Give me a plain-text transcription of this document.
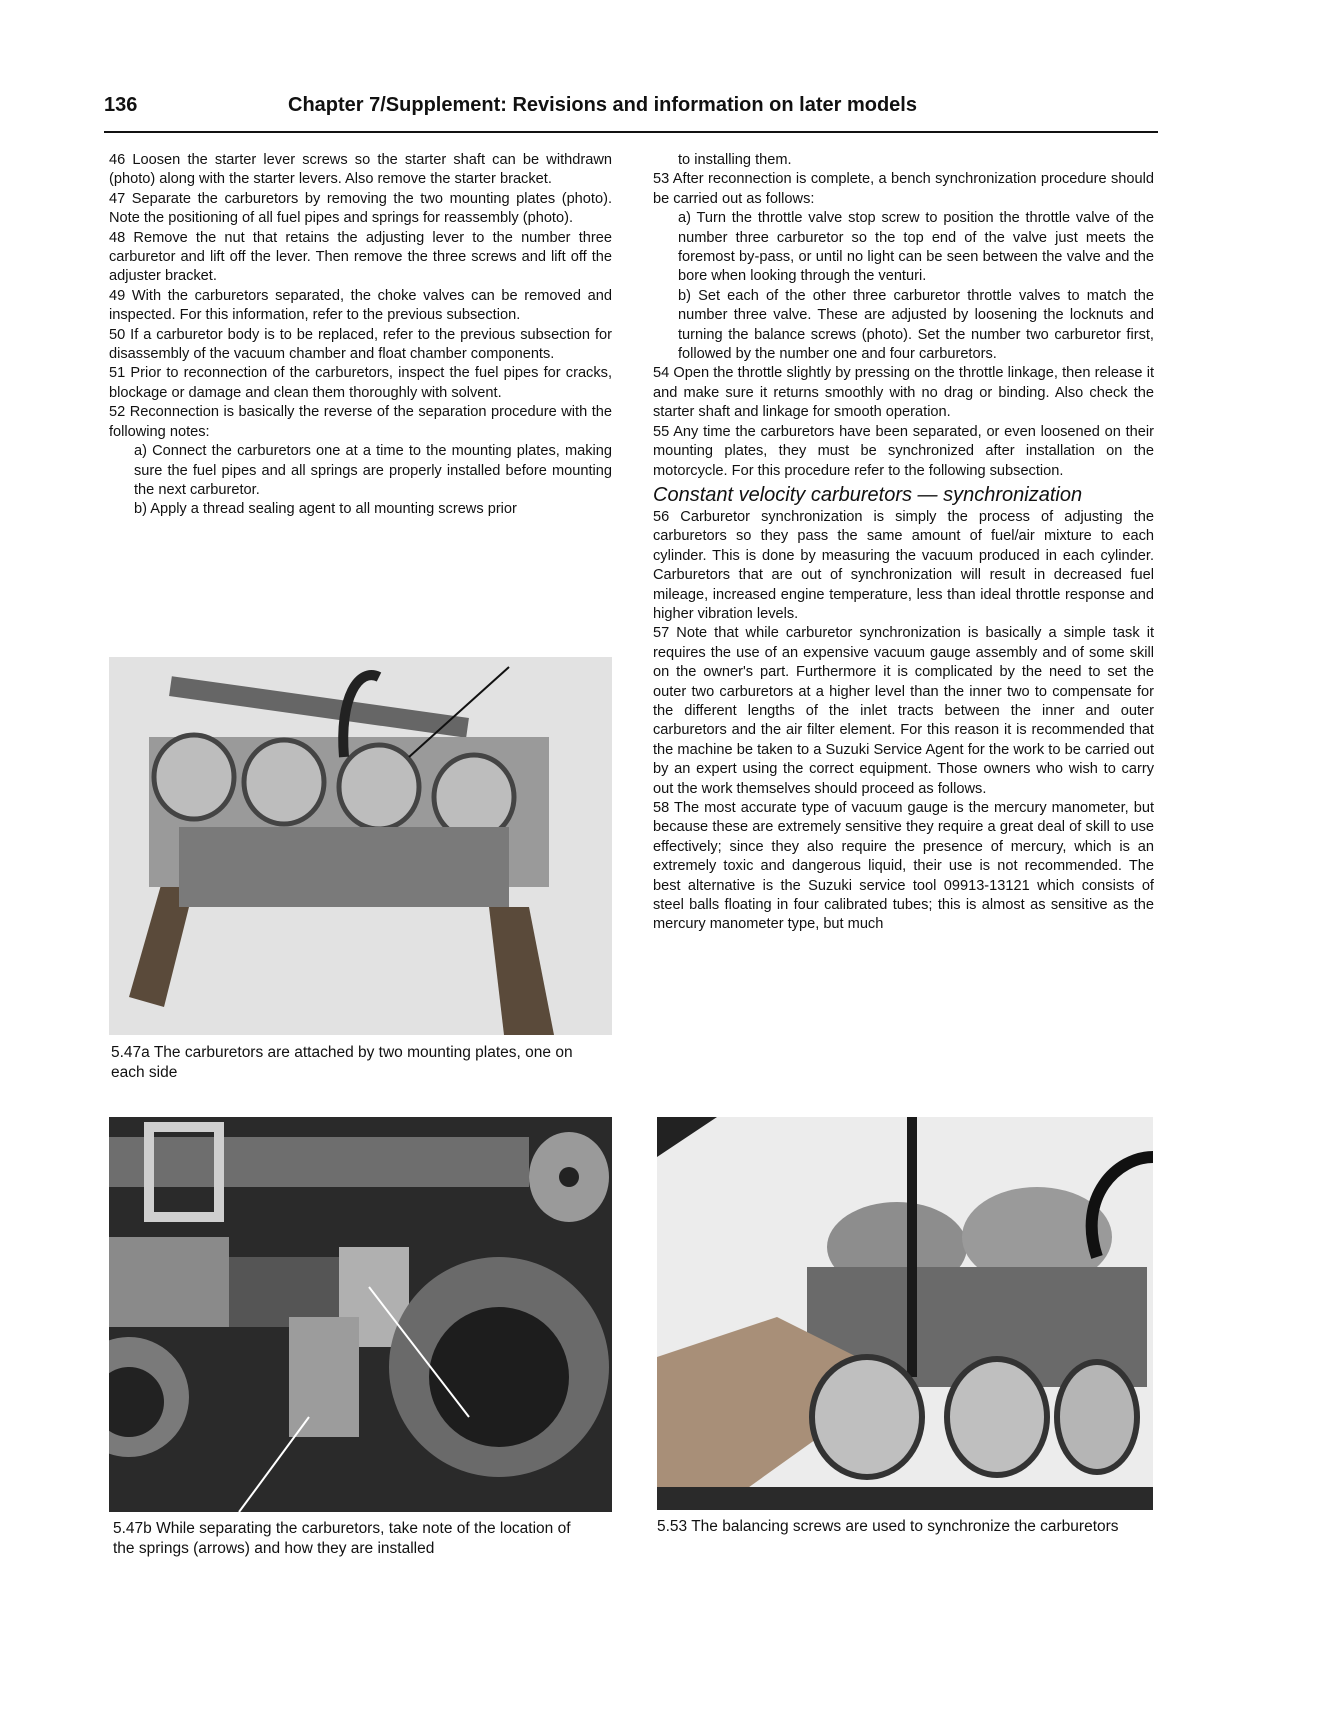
136	Chapter 7/Supplement: Revisions and information on later models

46 Loosen the starter lever screws so the starter shaft can be withdrawn (photo) along with the starter levers. Also remove the starter bracket.

47 Separate the carburetors by removing the two mounting plates (photo). Note the positioning of all fuel pipes and springs for reassembly (photo).

48 Remove the nut that retains the adjusting lever to the number three carburetor and lift off the lever. Then remove the three screws and lift off the adjuster bracket.

49 With the carburetors separated, the choke valves can be removed and inspected. For this information, refer to the previous subsection.

50 If a carburetor body is to be replaced, refer to the previous subsection for disassembly of the vacuum chamber and float chamber components.

51 Prior to reconnection of the carburetors, inspect the fuel pipes for cracks, blockage or damage and clean them thoroughly with solvent.

52 Reconnection is basically the reverse of the separation procedure with the following notes:

a) Connect the carburetors one at a time to the mounting plates, making sure the fuel pipes and all springs are properly installed before mounting the next carburetor.

b) Apply a thread sealing agent to all mounting screws prior

to installing them.

53 After reconnection is complete, a bench synchronization procedure should be carried out as follows:

a) Turn the throttle valve stop screw to position the throttle valve of the number three carburetor so the top end of the valve just meets the foremost by-pass, or until no light can be seen between the valve and the bore when looking through the venturi.

b) Set each of the other three carburetor throttle valves to match the number three valve. These are adjusted by loosening the locknuts and turning the balance screws (photo). Set the number two carburetor first, followed by the number one and four carburetors.

54 Open the throttle slightly by pressing on the throttle linkage, then release it and make sure it returns smoothly with no drag or binding. Also check the starter shaft and linkage for smooth operation.

55 Any time the carburetors have been separated, or even loosened on their mounting plates, they must be synchronized after installation on the motorcycle. For this procedure refer to the following subsection.

Constant velocity carburetors — synchronization

56 Carburetor synchronization is simply the process of adjusting the carburetors so they pass the same amount of fuel/air mixture to each cylinder. This is done by measuring the vacuum produced in each cylinder. Carburetors that are out of synchronization will result in decreased fuel mileage, increased engine temperature, less than ideal throttle response and higher vibration levels.

57 Note that while carburetor synchronization is basically a simple task it requires the use of an expensive vacuum gauge assembly and of some skill on the owner's part. Furthermore it is complicated by the need to set the outer two carburetors at a higher level than the inner two to compensate for the different lengths of the inlet tracts between the inner and outer carburetors and the air filter element. For this reason it is recommended that the machine be taken to a Suzuki Service Agent for the work to be carried out by an expert using the correct equipment. Those owners who wish to carry out the work themselves should proceed as follows.

58 The most accurate type of vacuum gauge is the mercury manometer, but because these are extremely sensitive they require a great deal of skill to use effectively; since they also require the presence of mercury, which is an extremely toxic and dangerous liquid, their use is not recommended. The best alternative is the Suzuki service tool 09913-13121 which consists of steel balls floating in four calibrated tubes; this is almost as sensitive as the mercury manometer type, but much

5.47a The carburetors are attached by two mounting plates, one on each side
5.47b While separating the carburetors, take note of the location of the springs (arrows) and how they are installed
5.53 The balancing screws are used to synchronize the carburetors
